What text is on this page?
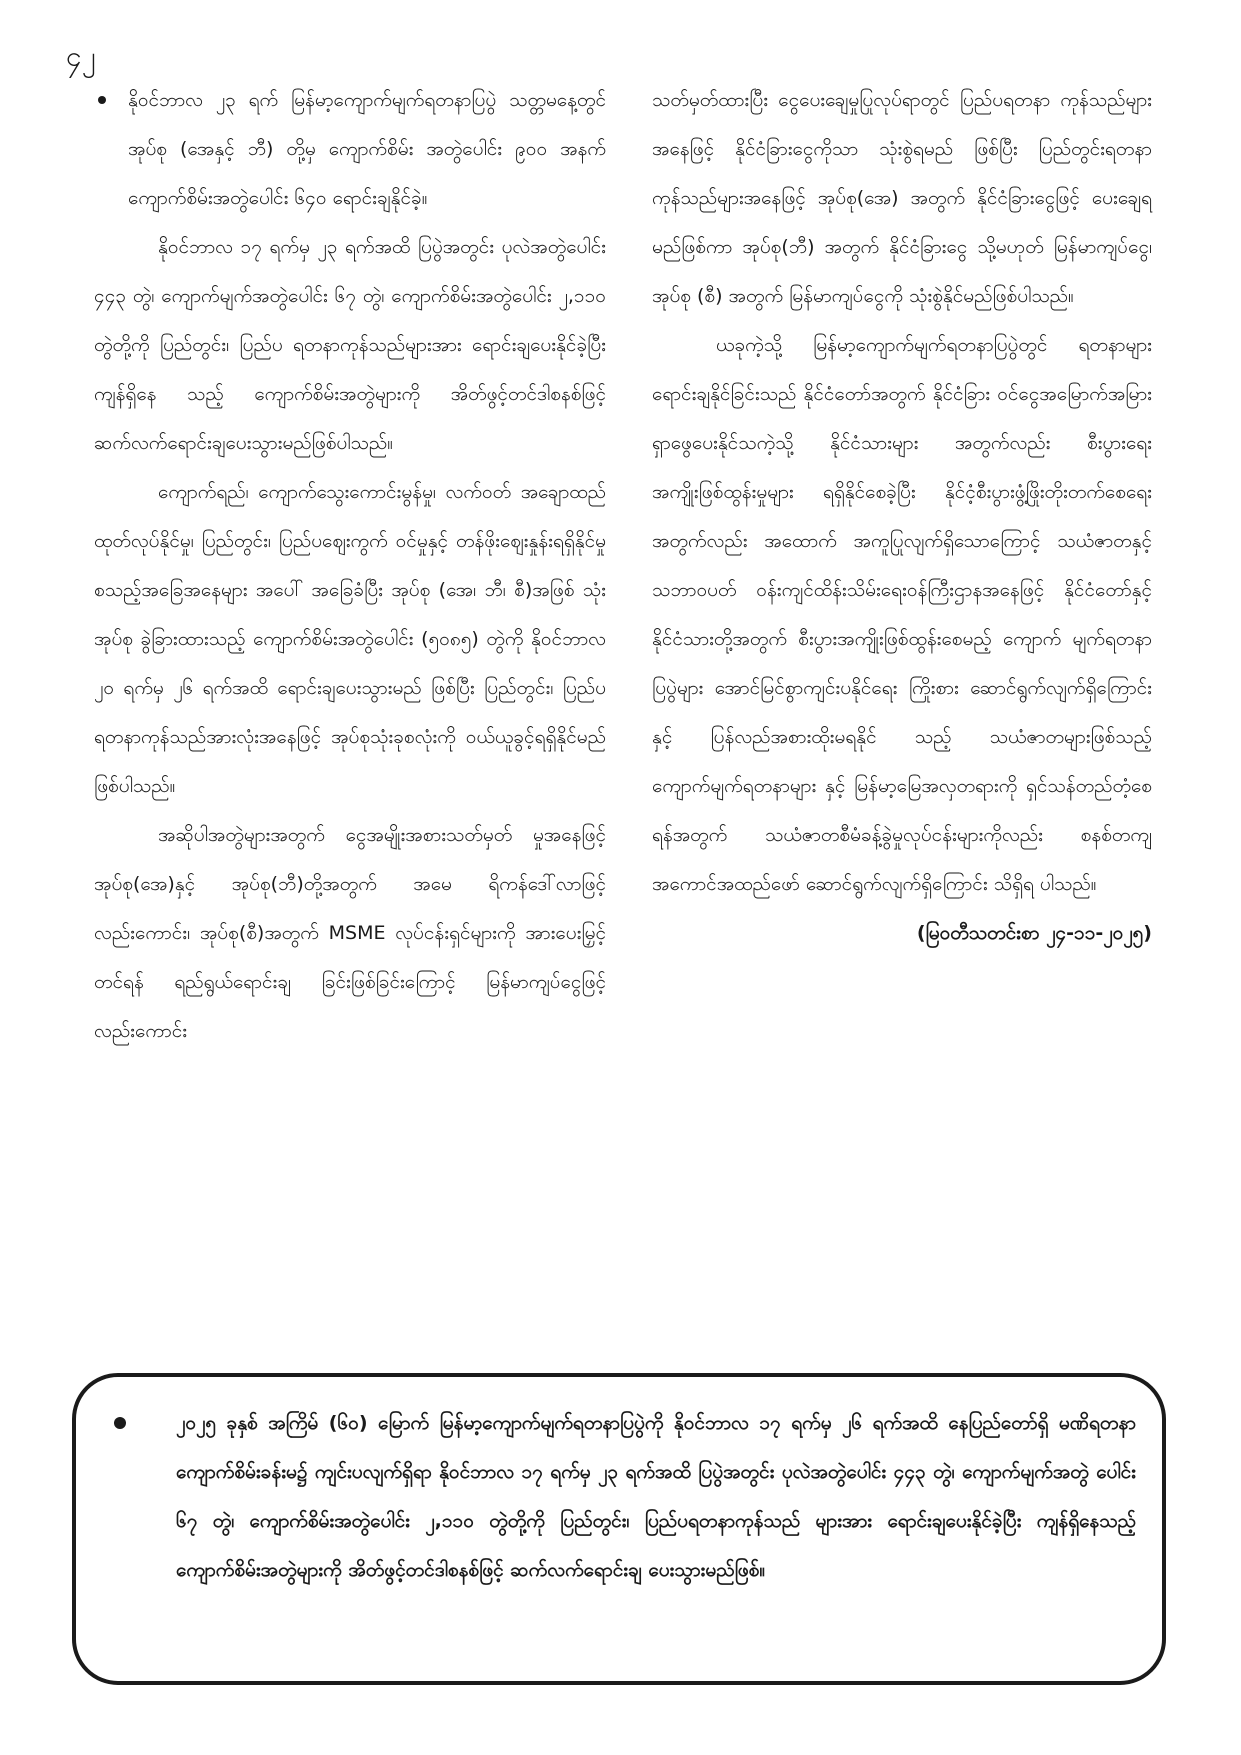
၄၂

နိုဝင်ဘာလ ၂၃ ရက် မြန်မာ့ကျောက်မျက်ရတနာပြပွဲ သတ္တမနေ့တွင် အုပ်စု (အေနှင့် ဘီ) တို့မှ ကျောက်စိမ်း အတွဲပေါင်း ၉၀၀ အနက် ကျောက်စိမ်းအတွဲပေါင်း ၆၄၀ ရောင်းချနိုင်ခဲ့။

နိုဝင်ဘာလ ၁၇ ရက်မှ ၂၃ ရက်အထိ ပြပွဲအတွင်း ပုလဲအတွဲပေါင်း ၄၄၃ တွဲ၊ ကျောက်မျက်အတွဲပေါင်း ၆၇ တွဲ၊ ကျောက်စိမ်းအတွဲပေါင်း ၂,၁၁၀ တွဲတို့ကို ပြည်တွင်း၊ ပြည်ပ ရတနာကုန်သည်များအား ရောင်းချပေးနိုင်ခဲ့ပြီး ကျန်ရှိနေ သည့် ကျောက်စိမ်းအတွဲများကို အိတ်ဖွင့်တင်ဒါစနစ်ဖြင့် ဆက်လက်ရောင်းချပေးသွားမည်ဖြစ်ပါသည်။

ကျောက်ရည်၊ ကျောက်သွေးကောင်းမွန်မှု၊ လက်ဝတ် အချောထည် ထုတ်လုပ်နိုင်မှု၊ ပြည်တွင်း၊ ပြည်ပဈေးကွက် ဝင်မှုနှင့် တန်ဖိုးဈေးနှုန်းရရှိနိုင်မှု စသည့်အခြေအနေများ အပေါ် အခြေခံပြီး အုပ်စု (အေ၊ ဘီ၊ စီ)အဖြစ် သုံးအုပ်စု ခွဲခြားထားသည့် ကျောက်စိမ်းအတွဲပေါင်း (၅၀၈၅) တွဲကို နိုဝင်ဘာလ ၂၀ ရက်မှ ၂၆ ရက်အထိ ရောင်းချပေးသွားမည် ဖြစ်ပြီး ပြည်တွင်း၊ ပြည်ပရတနာကုန်သည်အားလုံးအနေဖြင့် အုပ်စုသုံးခုစလုံးကို ဝယ်ယူခွင့်ရရှိနိုင်မည်ဖြစ်ပါသည်။

အဆိုပါအတွဲများအတွက် ငွေအမျိုးအစားသတ်မှတ် မှုအနေဖြင့် အုပ်စု(အေ)နှင့် အုပ်စု(ဘီ)တို့အတွက် အမေ ရိကန်ဒေါ်လာဖြင့်လည်းကောင်း၊ အုပ်စု(စီ)အတွက် MSME လုပ်ငန်းရှင်များကို အားပေးမြှင့်တင်ရန် ရည်ရွယ်ရောင်းချ ခြင်းဖြစ်ခြင်းကြောင့် မြန်မာကျပ်ငွေဖြင့်လည်းကောင်း

သတ်မှတ်ထားပြီး ငွေပေးချေမှုပြုလုပ်ရာတွင် ပြည်ပရတနာ ကုန်သည်များအနေဖြင့် နိုင်ငံခြားငွေကိုသာ သုံးစွဲရမည် ဖြစ်ပြီး ပြည်တွင်းရတနာကုန်သည်များအနေဖြင့် အုပ်စု(အေ) အတွက် နိုင်ငံခြားငွေဖြင့် ပေးချေရမည်ဖြစ်ကာ အုပ်စု(ဘီ) အတွက် နိုင်ငံခြားငွေ သို့မဟုတ် မြန်မာကျပ်ငွေ၊ အုပ်စု (စီ) အတွက် မြန်မာကျပ်ငွေကို သုံးစွဲနိုင်မည်ဖြစ်ပါသည်။

ယခုကဲ့သို့ မြန်မာ့ကျောက်မျက်ရတနာပြပွဲတွင် ရတနာများရောင်းချနိုင်ခြင်းသည် နိုင်ငံတော်အတွက် နိုင်ငံခြား ဝင်ငွေအမြောက်အမြား ရှာဖွေပေးနိုင်သကဲ့သို့ နိုင်ငံသားများ အတွက်လည်း စီးပွားရေးအကျိုးဖြစ်ထွန်းမှုများ ရရှိနိုင်စေခဲ့ပြီး နိုင်ငံ့စီးပွားဖွံ့ဖြိုးတိုးတက်စေရေးအတွက်လည်း အထောက် အကူပြုလျက်ရှိသောကြောင့် သယံဇာတနှင့် သဘာဝပတ် ဝန်းကျင်ထိန်းသိမ်းရေးဝန်ကြီးဌာနအနေဖြင့် နိုင်ငံတော်နှင့် နိုင်ငံသားတို့အတွက် စီးပွားအကျိုးဖြစ်ထွန်းစေမည့် ကျောက် မျက်ရတနာပြပွဲများ အောင်မြင်စွာကျင်းပနိုင်ရေး ကြိုးစား ဆောင်ရွက်လျက်ရှိကြောင်းနှင့် ပြန်လည်အစားထိုးမရနိုင် သည့် သယံဇာတများဖြစ်သည့် ကျောက်မျက်ရတနာများ နှင့် မြန်မာ့မြေအလှတရားကို ရှင်သန်တည်တံ့စေရန်အတွက် သယံဇာတစီမံခန့်ခွဲမှုလုပ်ငန်းများကိုလည်း စနစ်တကျ အကောင်အထည်ဖော် ဆောင်ရွက်လျက်ရှိကြောင်း သိရှိရ ပါသည်။

(မြဝတီသတင်းစာ ၂၄-၁၁-၂၀၂၅)

၂၀၂၅ ခုနှစ် အကြိမ် (၆၀) မြောက် မြန်မာ့ကျောက်မျက်ရတနာပြပွဲကို နိုဝင်ဘာလ ၁၇ ရက်မှ ၂၆ ရက်အထိ နေပြည်တော်ရှိ မဏိရတနာကျောက်စိမ်းခန်းမ၌ ကျင်းပလျက်ရှိရာ နိုဝင်ဘာလ ၁၇ ရက်မှ ၂၃ ရက်အထိ ပြပွဲအတွင်း ပုလဲအတွဲပေါင်း ၄၄၃ တွဲ၊ ကျောက်မျက်အတွဲ ပေါင်း ၆၇ တွဲ၊ ကျောက်စိမ်းအတွဲပေါင်း ၂,၁၁၀ တွဲတို့ကို ပြည်တွင်း၊ ပြည်ပရတနာကုန်သည် များအား ရောင်းချပေးနိုင်ခဲ့ပြီး ကျန်ရှိနေသည့် ကျောက်စိမ်းအတွဲများကို အိတ်ဖွင့်တင်ဒါစနစ်ဖြင့် ဆက်လက်ရောင်းချ ပေးသွားမည်ဖြစ်။
